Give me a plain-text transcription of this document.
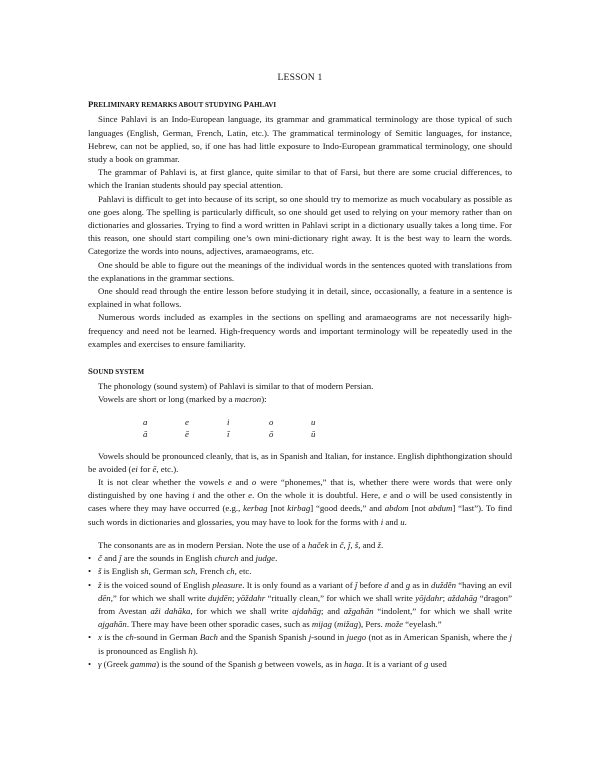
LESSON 1
PRELIMINARY REMARKS ABOUT STUDYING PAHLAVI

Since Pahlavi is an Indo-European language, its grammar and grammatical terminology are those typical of such languages (English, German, French, Latin, etc.). The grammatical terminology of Semitic languages, for instance, Hebrew, can not be applied, so, if one has had little exposure to Indo-European grammatical terminology, one should study a book on grammar.

The grammar of Pahlavi is, at first glance, quite similar to that of Farsi, but there are some crucial differences, to which the Iranian students should pay special attention.

Pahlavi is difficult to get into because of its script, so one should try to memorize as much vocabulary as possible as one goes along. The spelling is particularly difficult, so one should get used to relying on your memory rather than on dictionaries and glossaries. Trying to find a word written in Pahlavi script in a dictionary usually takes a long time. For this reason, one should start compiling one’s own mini-dictionary right away. It is the best way to learn the words. Categorize the words into nouns, adjectives, aramaeograms, etc.

One should be able to figure out the meanings of the individual words in the sentences quoted with translations from the explanations in the grammar sections.

One should read through the entire lesson before studying it in detail, since, occasionally, a feature in a sentence is explained in what follows.

Numerous words included as examples in the sections on spelling and aramaeograms are not necessarily high-frequency and need not be learned. High-frequency words and important terminology will be repeatedly used in the examples and exercises to ensure familiarity.

SOUND SYSTEM

The phonology (sound system) of Pahlavi is similar to that of modern Persian.

Vowels are short or long (marked by a macron):

a	e	i	o	u
ā	ē	ī	ō	ū

Vowels should be pronounced cleanly, that is, as in Spanish and Italian, for instance. English diphthongization should be avoided (ei for ē, etc.).

It is not clear whether the vowels e and o were “phonemes,” that is, whether there were words that were only distinguished by one having i and the other e. On the whole it is doubtful. Here, e and o will be used consistently in cases where they may have occurred (e.g., kerbag [not kirbag] “good deeds,” and abdom [not abdum] “last”). To find such words in dictionaries and glossaries, you may have to look for the forms with i and u.

The consonants are as in modern Persian. Note the use of a haček in č, ǰ, š, and ž.

• č and ǰ are the sounds in English church and judge.
• š is English sh, German sch, French ch, etc.
• ž is the voiced sound of English pleasure. It is only found as a variant of ǰ before d and g as in dužděn “having an evil dēn,” for which we shall write dujdēn; yōždahr “ritually clean,” for which we shall write yōjdahr; aždahāg “dragon” from Avestan aži dahāka, for which we shall write ajdahāg; and ažgahān “indolent,” for which we shall write ajgahān. There may have been other sporadic cases, such as mijag (mižag), Pers. može “eyelash.”
• x is the ch-sound in German Bach and the Spanish Spanish j-sound in juego (not as in American Spanish, where the j is pronounced as English h).
• γ (Greek gamma) is the sound of the Spanish g between vowels, as in haga. It is a variant of g used
